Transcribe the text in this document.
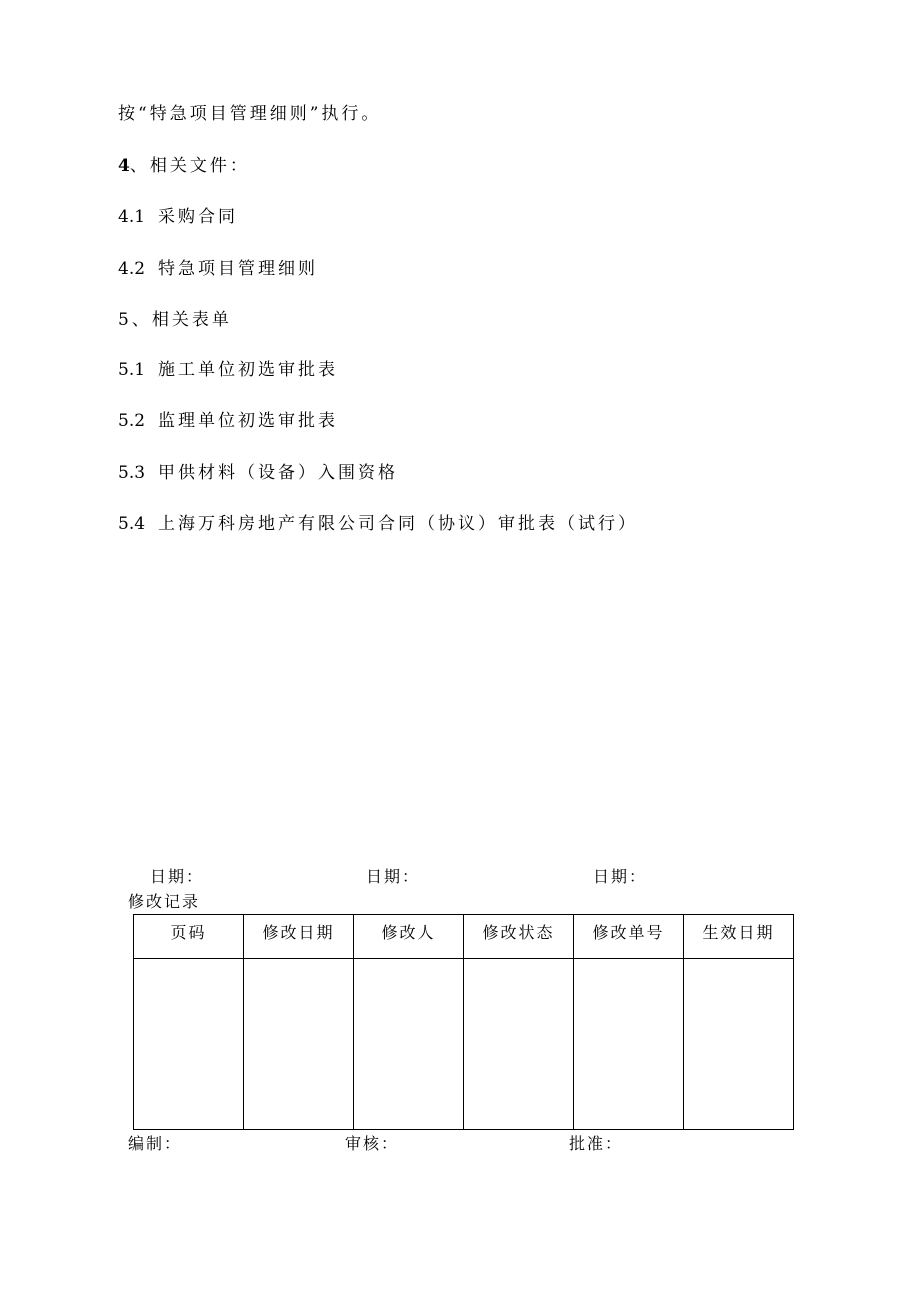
按“特急项目管理细则”执行。
4、相关文件：
4.1 采购合同
4.2 特急项目管理细则
5、相关表单
5.1 施工单位初选审批表
5.2 监理单位初选审批表
5.3 甲供材料（设备）入围资格
5.4 上海万科房地产有限公司合同（协议）审批表（试行）
日期：	日期：	日期：
修改记录
页码	修改日期	修改人	修改状态	修改单号	生效日期

编制：	审核：	批准：
